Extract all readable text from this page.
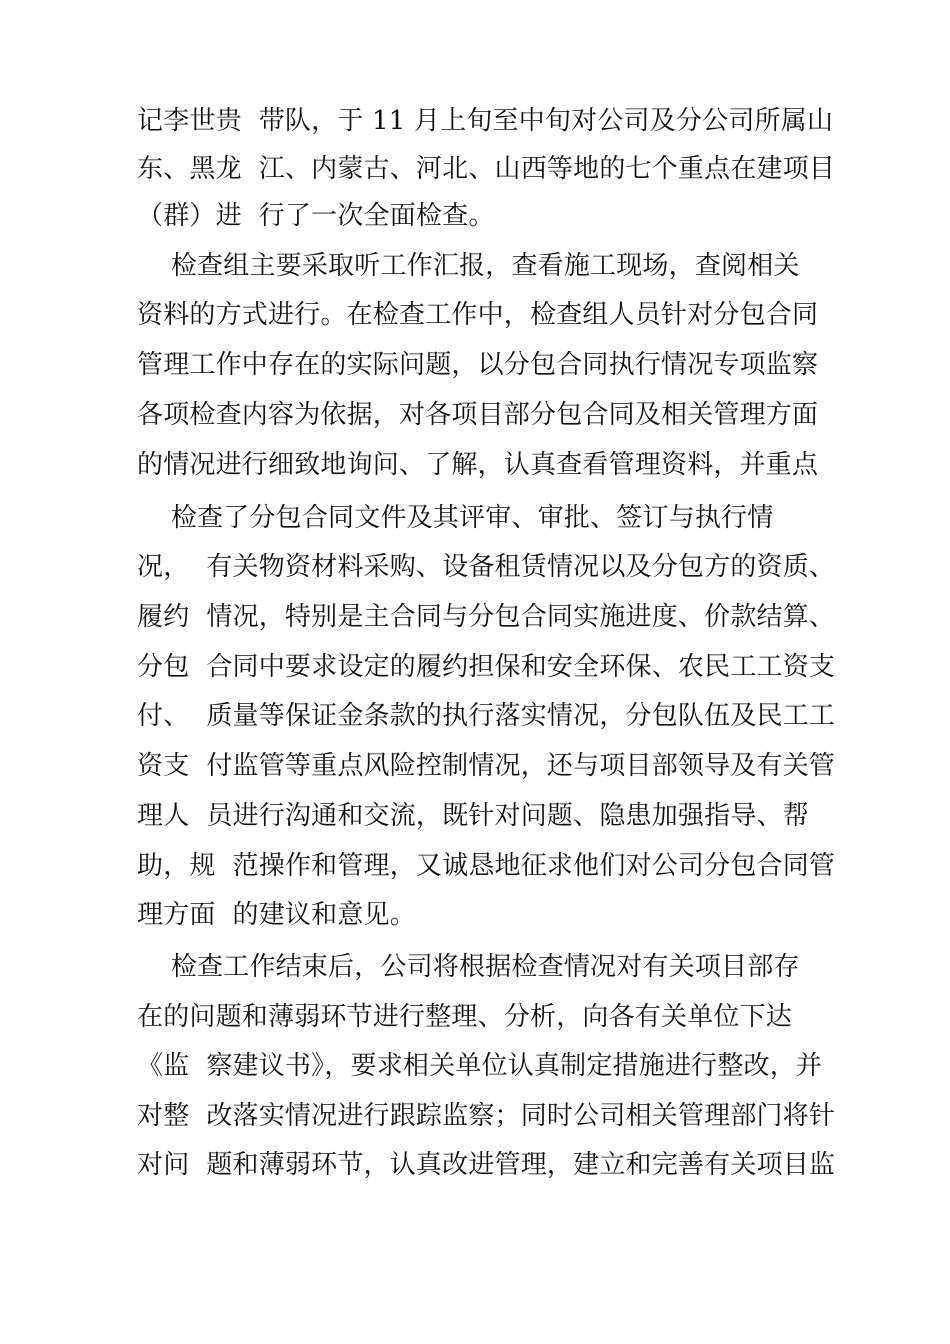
记李世贵  带队，于 11 月上旬至中旬对公司及分公司所属山
东、黑龙  江、内蒙古、河北、山西等地的七个重点在建项目
（群）进  行了一次全面检查。
检查组主要采取听工作汇报，查看施工现场，查阅相关
资料的方式进行。在检查工作中，检查组人员针对分包合同
管理工作中存在的实际问题，以分包合同执行情况专项监察
各项检查内容为依据，对各项目部分包合同及相关管理方面
的情况进行细致地询问、了解，认真查看管理资料，并重点
检查了分包合同文件及其评审、审批、签订与执行情
况，  有关物资材料采购、设备租赁情况以及分包方的资质、
履约  情况，特别是主合同与分包合同实施进度、价款结算、
分包  合同中要求设定的履约担保和安全环保、农民工工资支
付、  质量等保证金条款的执行落实情况，分包队伍及民工工
资支  付监管等重点风险控制情况，还与项目部领导及有关管
理人  员进行沟通和交流，既针对问题、隐患加强指导、帮
助，规  范操作和管理，又诚恳地征求他们对公司分包合同管
理方面  的建议和意见。
检查工作结束后，公司将根据检查情况对有关项目部存
在的问题和薄弱环节进行整理、分析，向各有关单位下达
《监  察建议书》，要求相关单位认真制定措施进行整改，并
对整  改落实情况进行跟踪监察；同时公司相关管理部门将针
对问  题和薄弱环节，认真改进管理，建立和完善有关项目监
